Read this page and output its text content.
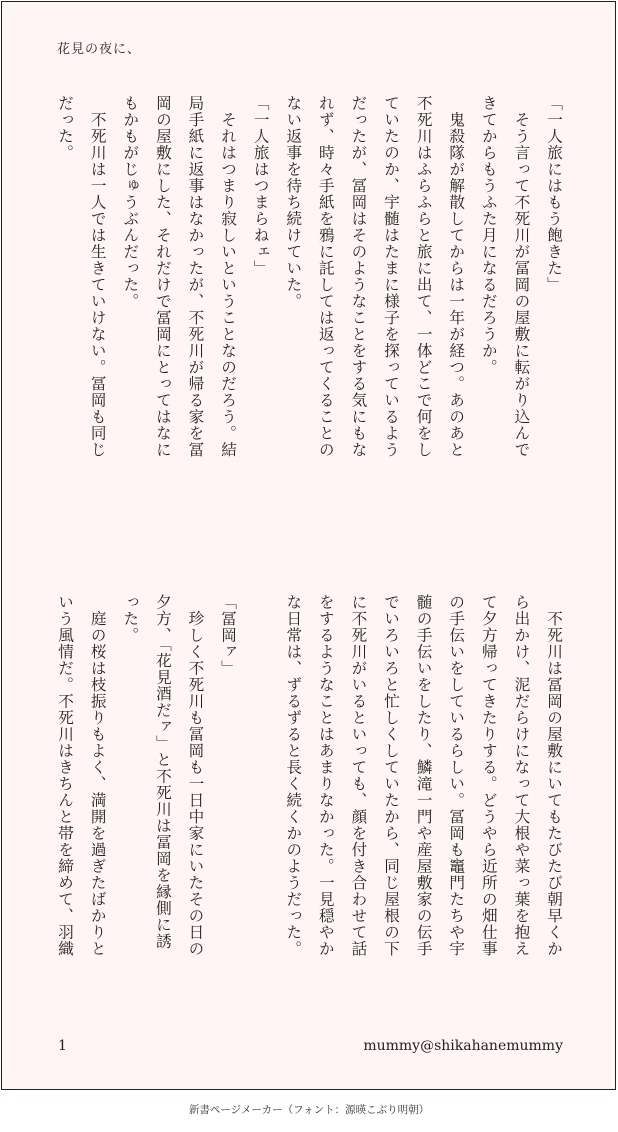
花見の夜に、
「一人旅にはもう飽きた」
　そう言って不死川が冨岡の屋敷に転がり込んで
きてからもうふた月になるだろうか。
　鬼殺隊が解散してからは一年が経つ。あのあと
不死川はふらふらと旅に出て、一体どこで何をし
ていたのか、宇髄はたまに様子を探っているよう
だったが、冨岡はそのようなことをする気にもな
れず、時々手紙を鴉に託しては返ってくることの
ない返事を待ち続けていた。
「一人旅はつまらねェ」
　それはつまり寂しいということなのだろう。結
局手紙に返事はなかったが、不死川が帰る家を冨
岡の屋敷にした、それだけで冨岡にとってはなに
もかもがじゅうぶんだった。
　不死川は一人では生きていけない。冨岡も同じ
だった。
　不死川は冨岡の屋敷にいてもたびたび朝早くか
ら出かけ、泥だらけになって大根や菜っ葉を抱え
て夕方帰ってきたりする。どうやら近所の畑仕事
の手伝いをしているらしい。冨岡も竈門たちや宇
髄の手伝いをしたり、鱗滝一門や産屋敷家の伝手
でいろいろと忙しくしていたから、同じ屋根の下
に不死川がいるといっても、顔を付き合わせて話
をするようなことはあまりなかった。一見穏やか
な日常は、ずるずると長く続くかのようだった。

「冨岡ァ」
　珍しく不死川も冨岡も一日中家にいたその日の
夕方、「花見酒だァ」と不死川は冨岡を縁側に誘
った。
　庭の桜は枝振りもよく、満開を過ぎたばかりと
いう風情だ。不死川はきちんと帯を締めて、羽織
1	mummy@shikahanemummy
新書ページメーカー（フォント：源暎こぶり明朝）
